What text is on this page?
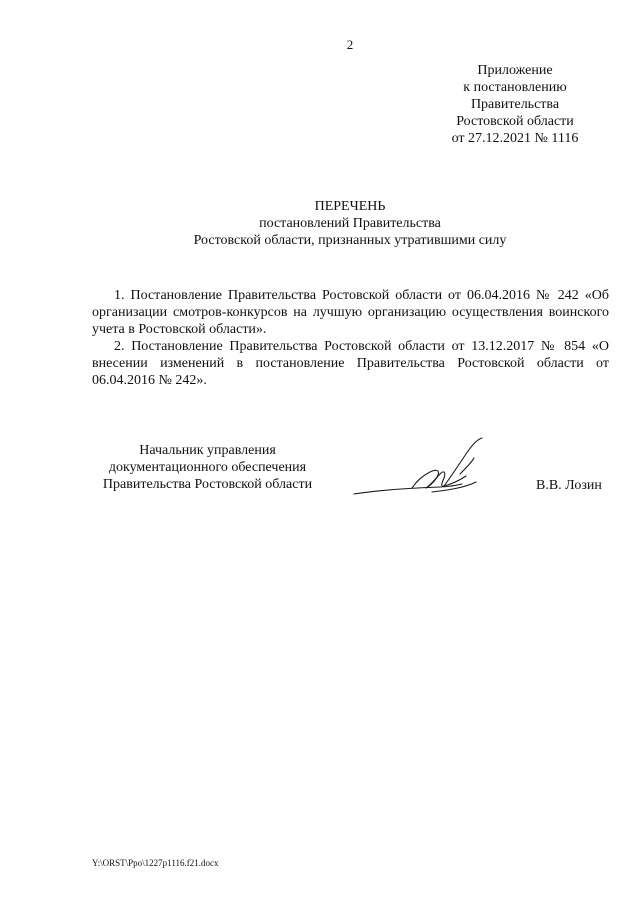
2
Приложение
к постановлению
Правительства
Ростовской области
от 27.12.2021 № 1116
ПЕРЕЧЕНЬ
постановлений Правительства
Ростовской области, признанных утратившими силу

1. Постановление Правительства Ростовской области от 06.04.2016 № 242 «Об организации смотров-конкурсов на лучшую организацию осуществления воинского учета в Ростовской области».

2. Постановление Правительства Ростовской области от 13.12.2017 № 854 «О внесении изменений в постановление Правительства Ростовской области от 06.04.2016 № 242».

Начальник управления
документационного обеспечения
Правительства Ростовской области	В.В. Лозин
Y:\ORST\Ppo\1227p1116.f21.docx
